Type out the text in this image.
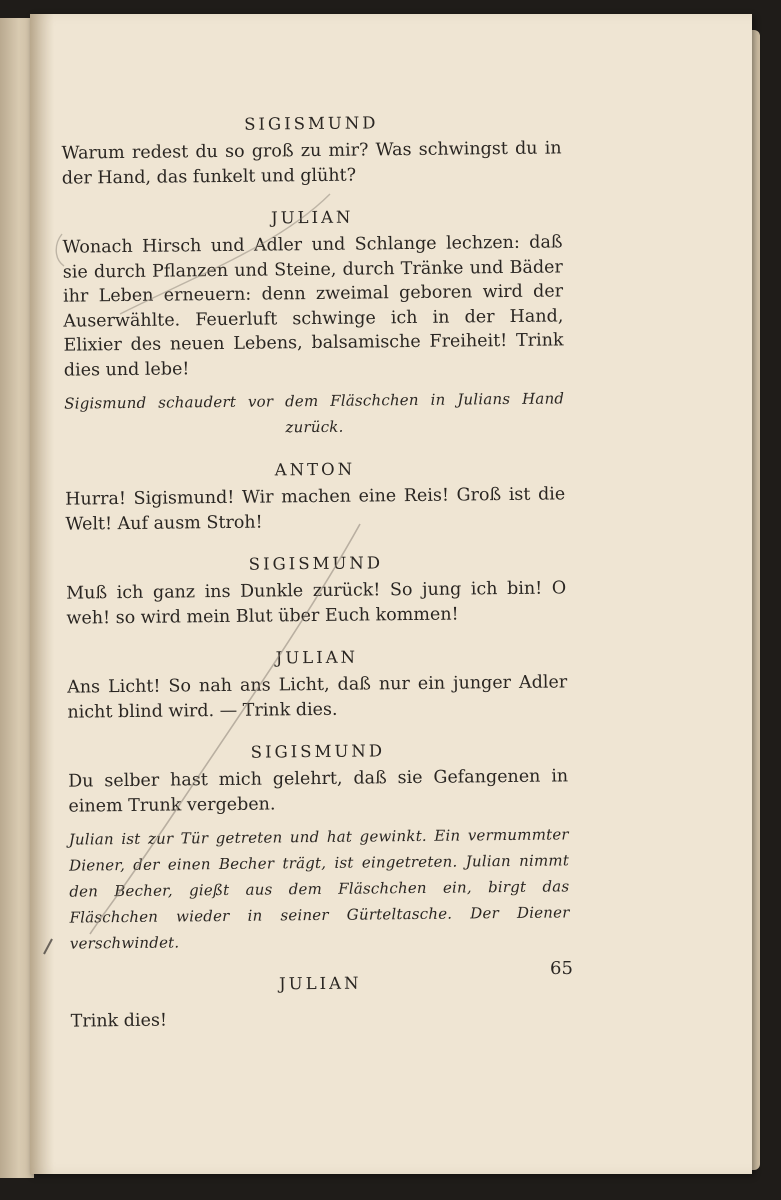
SIGISMUND

Warum redest du so groß zu mir? Was schwingst du in der Hand, das funkelt und glüht?

JULIAN

Wonach Hirsch und Adler und Schlange lechzen: daß sie durch Pflanzen und Steine, durch Tränke und Bäder ihr Leben erneuern: denn zweimal geboren wird der Auserwählte. Feuerluft schwinge ich in der Hand, Elixier des neuen Lebens, balsamische Freiheit! Trink dies und lebe!

Sigismund schaudert vor dem Fläschchen in Julians Hand zurück.

ANTON

Hurra! Sigismund! Wir machen eine Reis! Groß ist die Welt! Auf ausm Stroh!

SIGISMUND

Muß ich ganz ins Dunkle zurück! So jung ich bin! O weh! so wird mein Blut über Euch kommen!

JULIAN

Ans Licht! So nah ans Licht, daß nur ein junger Adler nicht blind wird. — Trink dies.

SIGISMUND

Du selber hast mich gelehrt, daß sie Gefangenen in einem Trunk vergeben.

Julian ist zur Tür getreten und hat gewinkt. Ein vermummter Diener, der einen Becher trägt, ist eingetreten. Julian nimmt den Becher, gießt aus dem Fläschchen ein, birgt das Fläschchen wieder in seiner Gürteltasche. Der Diener verschwindet.

JULIAN

Trink dies!

65
